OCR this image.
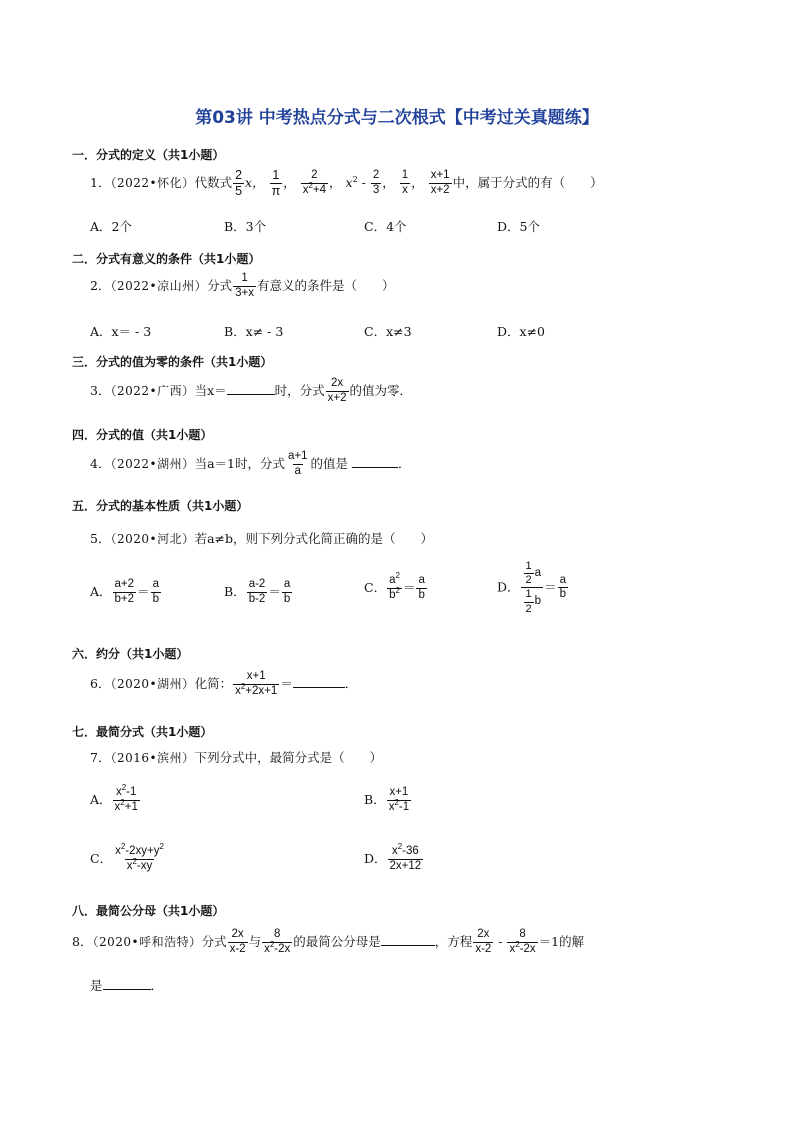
第03讲 中考热点分式与二次根式【中考过关真题练】
一．分式的定义（共1小题）
1．（2022•怀化）代数式 $\frac{2}{5}$ x， $\frac{1}{\pi}$ ， $\frac{2}{x^2+4}$ ， $x^2 - \frac{2}{3}$ ， $\frac{1}{x}$ ， $\frac{x+1}{x+2}$ 中，属于分式的有（　　）
A．2个	B．3个	C．4个	D．5个
二．分式有意义的条件（共1小题）
2．（2022•凉山州）分式 $\frac{1}{3+x}$ 有意义的条件是（　　）
A．x＝ - 3	B．x≠ - 3	C．x≠3	D．x≠0
三．分式的值为零的条件（共1小题）
3．（2022•广西）当x＝	时，分式 $\frac{2x}{x+2}$ 的值为零．
四．分式的值（共1小题）
4．（2022•湖州）当a＝1时，分式 $\frac{a+1}{a}$ 的值是	．
五．分式的基本性质（共1小题）
5．（2020•河北）若a≠b，则下列分式化简正确的是（　　）
A． $\frac{a+2}{b+2} = \frac{a}{b}$	B． $\frac{a-2}{b-2} = \frac{a}{b}$	C． $\frac{a^2}{b^2} = \frac{a}{b}$	D． $\frac{\frac{1}{2} a}{\frac{1}{2} b} = \frac{a}{b}$
六．约分（共1小题）
6．（2020•湖州）化简： $\frac{x+1}{x^2+2x+1}$ ＝	．
七．最简分式（共1小题）
7．（2016•滨州）下列分式中，最简分式是（　　）
A． $\frac{x^2-1}{x^2+1}$	B． $\frac{x+1}{x^2-1}$
C． $\frac{x^2-2xy+y^2}{x^2-xy}$	D． $\frac{x^2-36}{2x+12}$
八．最简公分母（共1小题）
8．（2020•呼和浩特）分式 $\frac{2x}{x-2}$ 与 $\frac{8}{x^2-2x}$ 的最简公分母是	，方程 $\frac{2x}{x-2} - \frac{8}{x^2-2x} =1$的解
是	．
